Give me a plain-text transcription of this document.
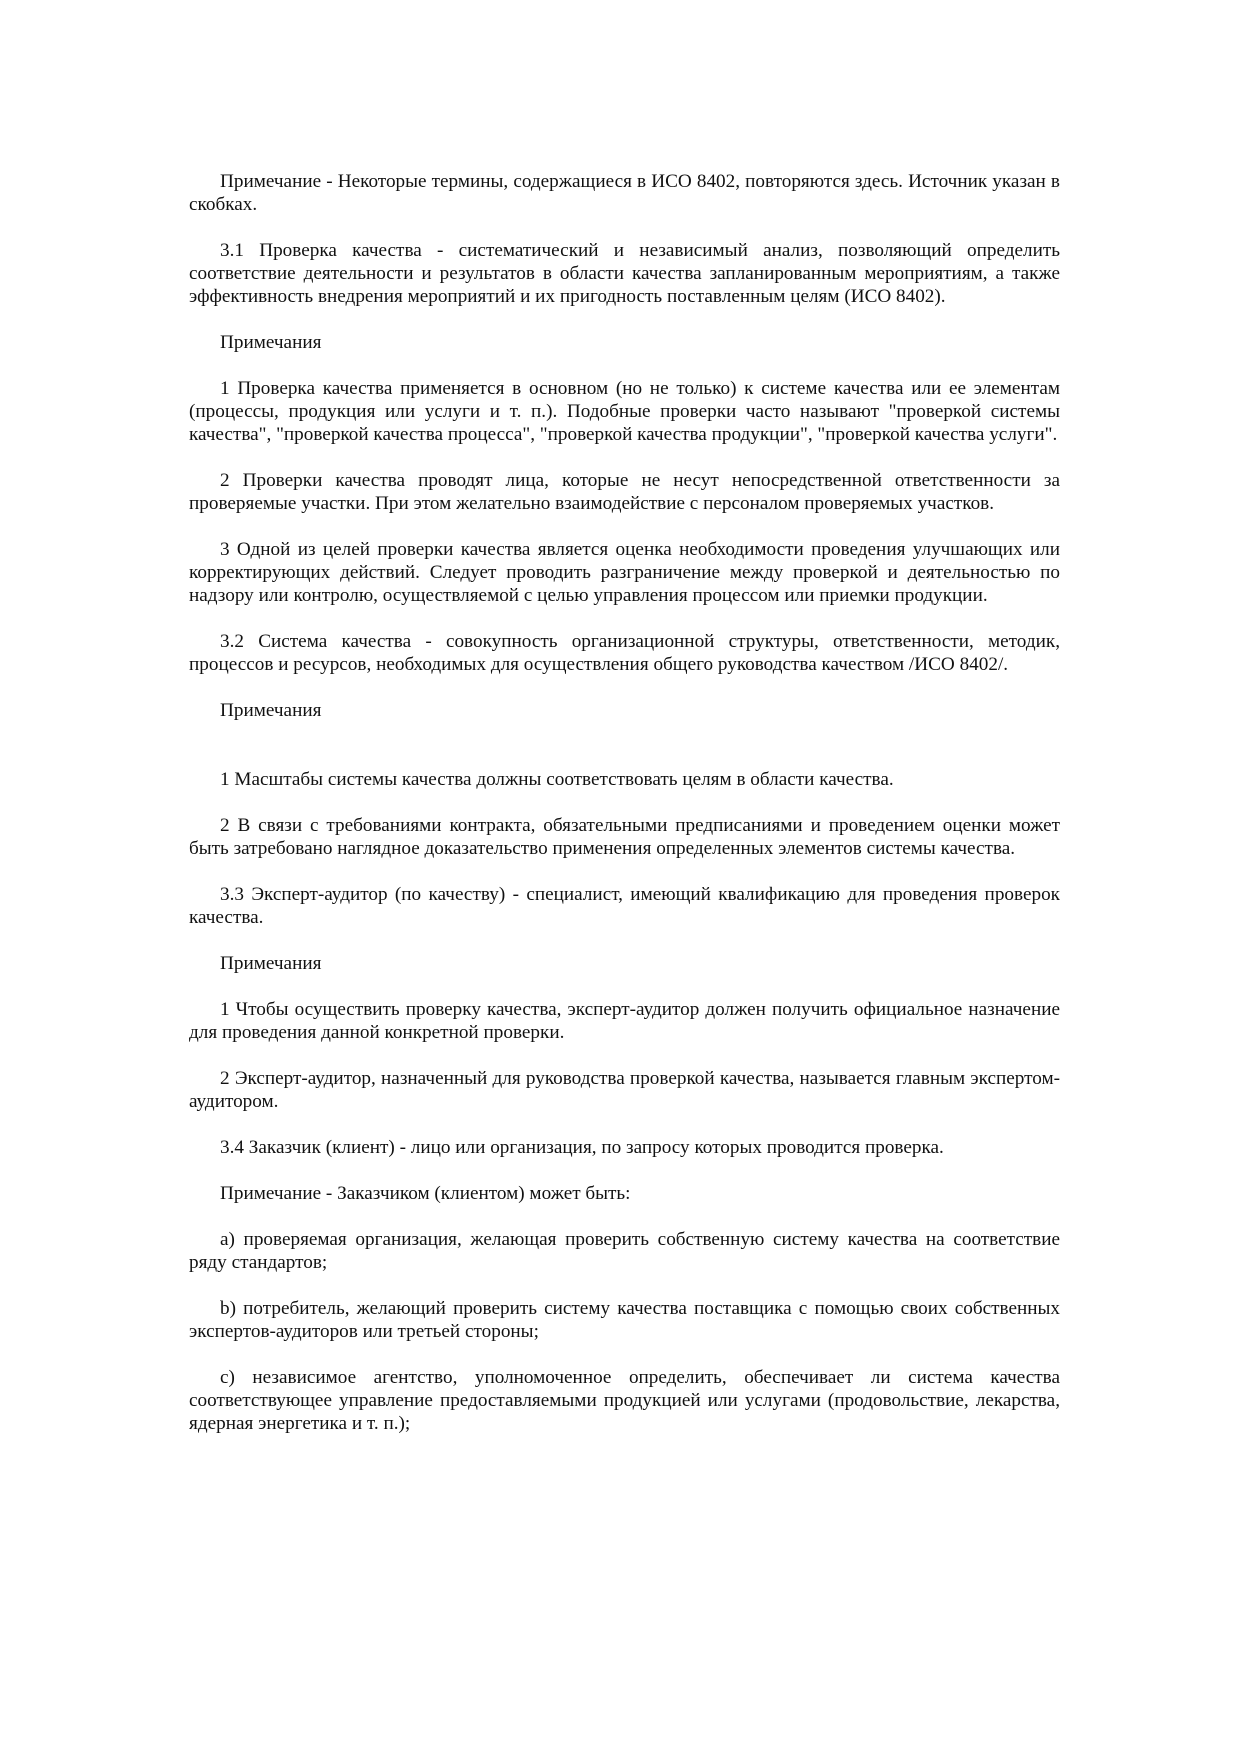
Примечание - Некоторые термины, содержащиеся в ИСО 8402, повторяются здесь. Источник указан в скобках.

3.1 Проверка качества - систематический и независимый анализ, позволяющий определить соответствие деятельности и результатов в области качества запланированным мероприятиям, а также эффективность внедрения мероприятий и их пригодность поставленным целям (ИСО 8402).

Примечания

1 Проверка качества применяется в основном (но не только) к системе качества или ее элементам (процессы, продукция или услуги и т. п.). Подобные проверки часто называют "проверкой системы качества", "проверкой качества процесса", "проверкой качества продукции", "проверкой качества услуги".

2 Проверки качества проводят лица, которые не несут непосредственной ответственности за проверяемые участки. При этом желательно взаимодействие с персоналом проверяемых участков.

3 Одной из целей проверки качества является оценка необходимости проведения улучшающих или корректирующих действий. Следует проводить разграничение между проверкой и деятельностью по надзору или контролю, осуществляемой с целью управления процессом или приемки продукции.

3.2 Система качества - совокупность организационной структуры, ответственности, методик, процессов и ресурсов, необходимых для осуществления общего руководства качеством /ИСО 8402/.

Примечания

1 Масштабы системы качества должны соответствовать целям в области качества.

2 В связи с требованиями контракта, обязательными предписаниями и проведением оценки может быть затребовано наглядное доказательство применения определенных элементов системы качества.

3.3 Эксперт-аудитор (по качеству) - специалист, имеющий квалификацию для проведения проверок качества.

Примечания

1 Чтобы осуществить проверку качества, эксперт-аудитор должен получить официальное назначение для проведения данной конкретной проверки.

2 Эксперт-аудитор, назначенный для руководства проверкой качества, называется главным экспертом-аудитором.

3.4 Заказчик (клиент) - лицо или организация, по запросу которых проводится проверка.

Примечание - Заказчиком (клиентом) может быть:

a) проверяемая организация, желающая проверить собственную систему качества на соответствие ряду стандартов;

b) потребитель, желающий проверить систему качества поставщика с помощью своих собственных экспертов-аудиторов или третьей стороны;

c) независимое агентство, уполномоченное определить, обеспечивает ли система качества соответствующее управление предоставляемыми продукцией или услугами (продовольствие, лекарства, ядерная энергетика и т. п.);
